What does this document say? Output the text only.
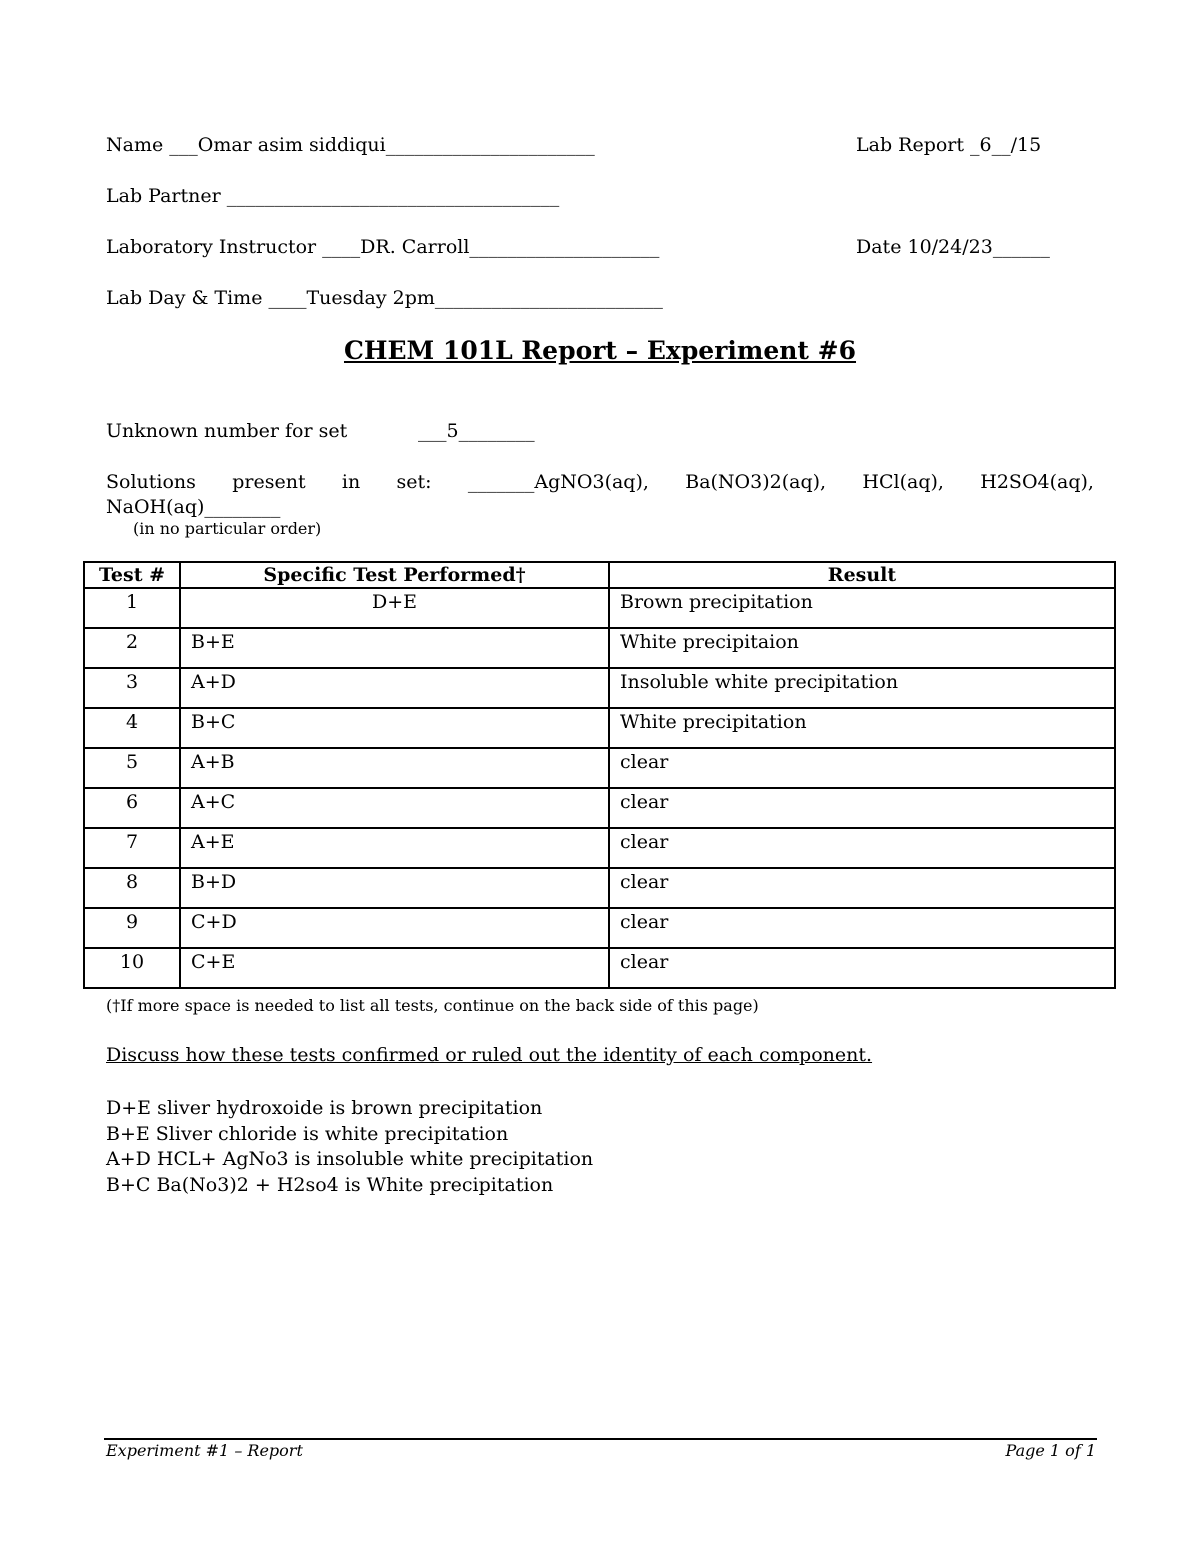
Name ___Omar asim siddiqui______________________	Lab Report _6__/15
Lab Partner ___________________________________
Laboratory Instructor ____DR. Carroll____________________	Date 10/24/23______
Lab Day & Time ____Tuesday 2pm________________________
CHEM 101L Report – Experiment #6
Unknown number for set	___5________
Solutions present in set: _______AgNO3(aq), Ba(NO3)2(aq), HCl(aq), H2SO4(aq),
NaOH(aq)________
(in no particular order)
Test #	Specific Test Performed†	Result
1	D+E	Brown precipitation
2	B+E	White precipitaion
3	A+D	Insoluble white precipitation
4	B+C	White precipitation
5	A+B	clear
6	A+C	clear
7	A+E	clear
8	B+D	clear
9	C+D	clear
10	C+E	clear
(†If more space is needed to list all tests, continue on the back side of this page)
Discuss how these tests confirmed or ruled out the identity of each component.
D+E sliver hydroxoide is brown precipitation
B+E Sliver chloride is white precipitation
A+D HCL+ AgNo3 is insoluble white precipitation
B+C Ba(No3)2 + H2so4 is White precipitation
Experiment #1 – Report	Page 1 of 1
